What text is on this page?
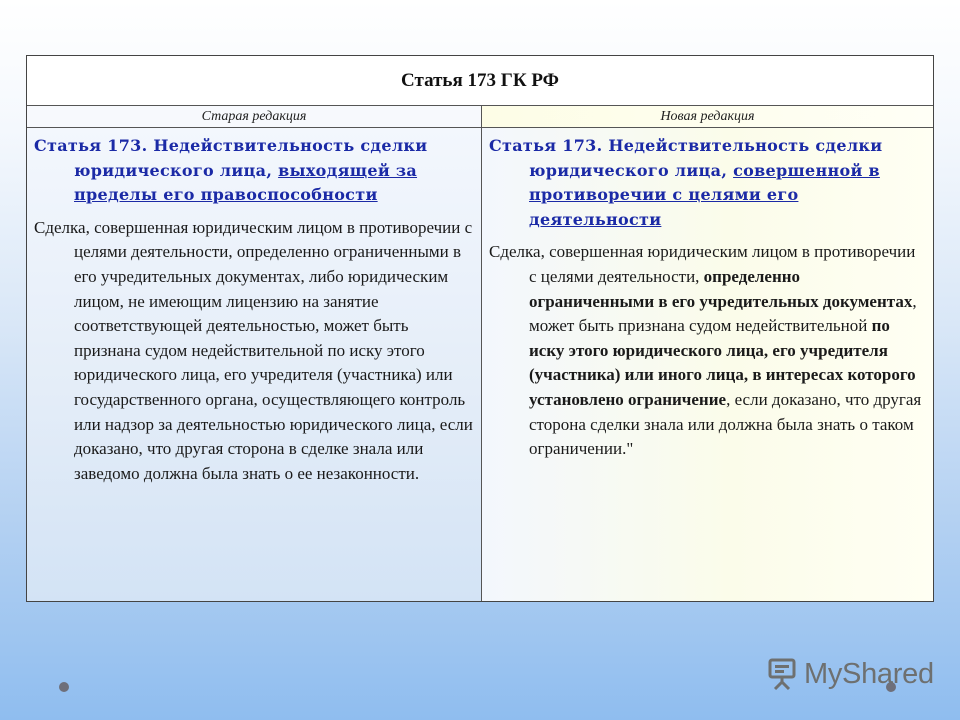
Статья 173 ГК РФ
Старая редакция	Новая редакция

Статья 173. Недействительность сделки юридического лица, выходящей за пределы его правоспособности

Сделка, совершенная юридическим лицом в противоречии с целями деятельности, определенно ограниченными в его учредительных документах, либо юридическим лицом, не имеющим лицензию на занятие соответствующей деятельностью, может быть признана судом недействительной по иску этого юридического лица, его учредителя (участника) или государственного органа, осуществляющего контроль или надзор за деятельностью юридического лица, если доказано, что другая сторона в сделке знала или заведомо должна была знать о ее незаконности.

Статья 173. Недействительность сделки юридического лица, совершенной в противоречии с целями его деятельности

Сделка, совершенная юридическим лицом в противоречии с целями деятельности, определенно ограниченными в его учредительных документах, может быть признана судом недействительной по иску этого юридического лица, его учредителя (участника) или иного лица, в интересах которого установлено ограничение, если доказано, что другая сторона сделки знала или должна была знать о таком ограничении."

MyShared
